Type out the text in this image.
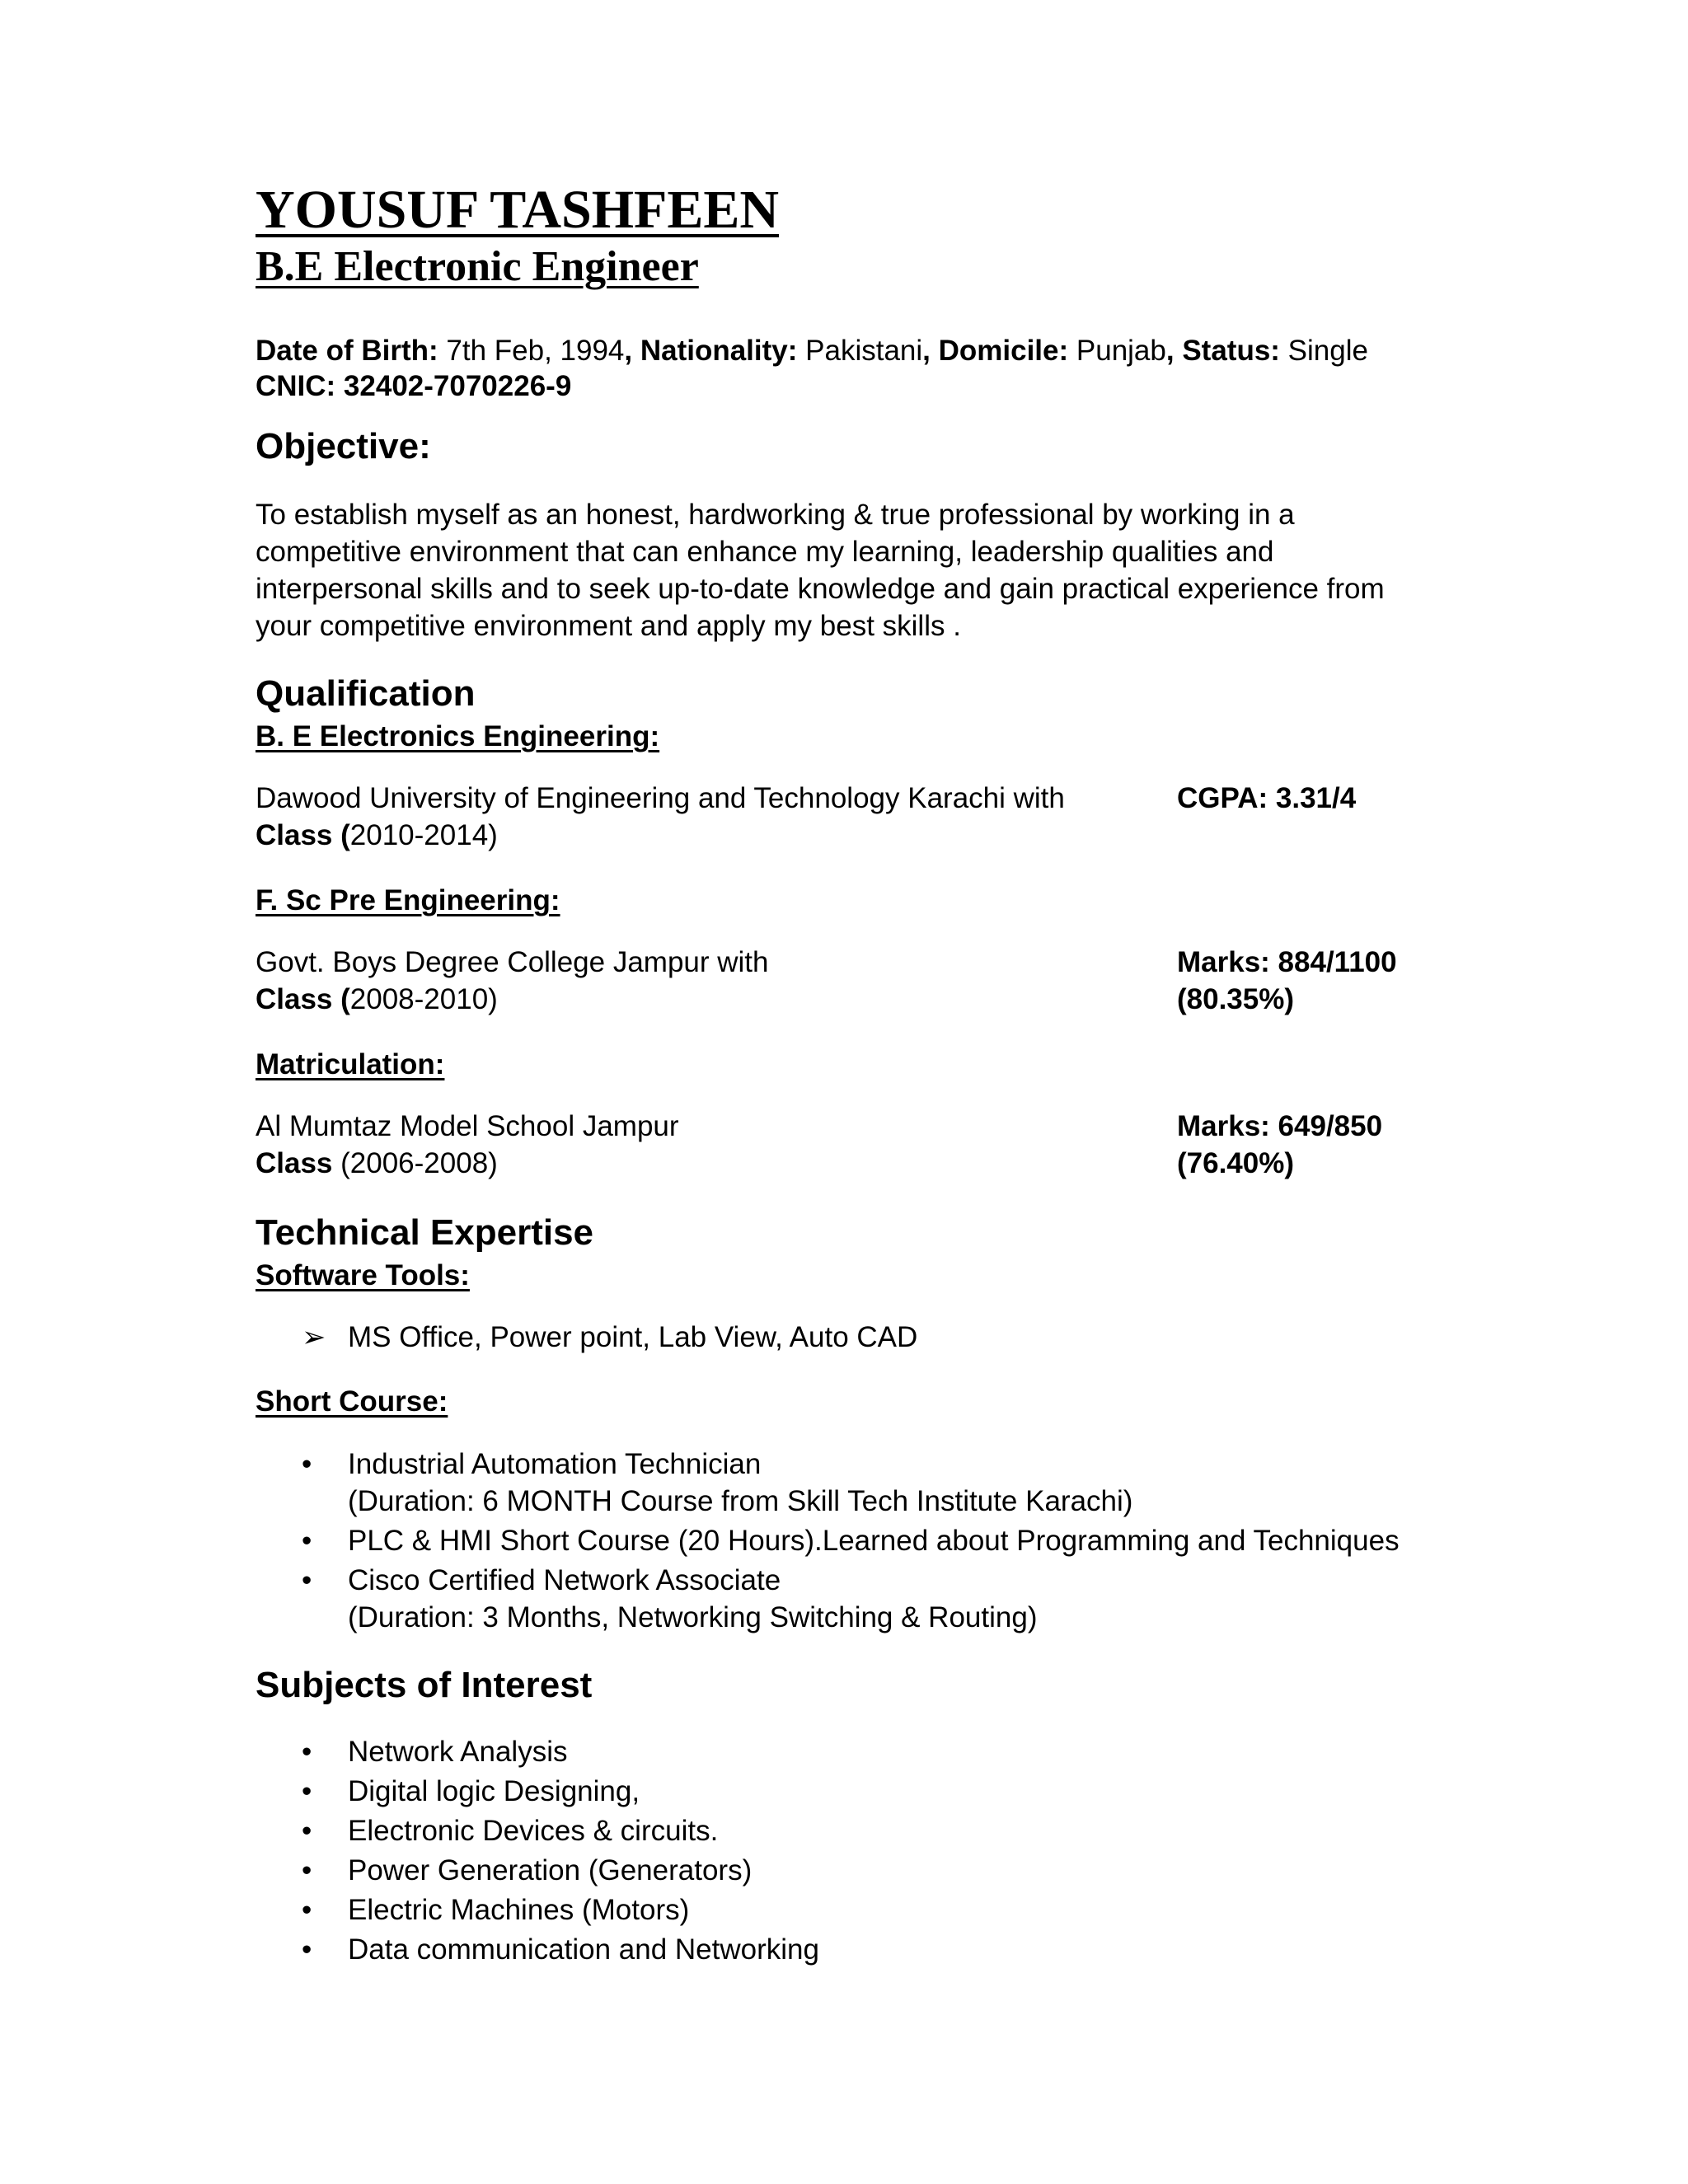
YOUSUF TASHFEEN
B.E Electronic Engineer
Date of Birth: 7th Feb, 1994, Nationality: Pakistani, Domicile: Punjab, Status: Single
CNIC: 32402-7070226-9
Objective:

To establish myself as an honest, hardworking & true professional by working in a

competitive environment that can enhance my learning, leadership qualities and

interpersonal skills and to seek up-to-date knowledge and gain practical experience from

your competitive environment and apply my best skills .

Qualification
B. E Electronics Engineering:
Dawood University of Engineering and Technology Karachi with
Class (2010-2014)
CGPA: 3.31/4
F. Sc Pre Engineering:
Govt. Boys Degree College Jampur with
Class (2008-2010)
Marks: 884/1100
(80.35%)
Matriculation:
Al Mumtaz Model School Jampur
Class (2006-2008)
Marks: 649/850
(76.40%)
Technical Expertise
Software Tools:
➢ MS Office, Power point, Lab View, Auto CAD
Short Course:
• Industrial Automation Technician
(Duration: 6 MONTH Course from Skill Tech Institute Karachi)
• PLC & HMI Short Course (20 Hours).Learned about Programming and Techniques
• Cisco Certified Network Associate
(Duration: 3 Months, Networking Switching & Routing)
Subjects of Interest
• Network Analysis
• Digital logic Designing,
• Electronic Devices & circuits.
• Power Generation (Generators)
• Electric Machines (Motors)
• Data communication and Networking
